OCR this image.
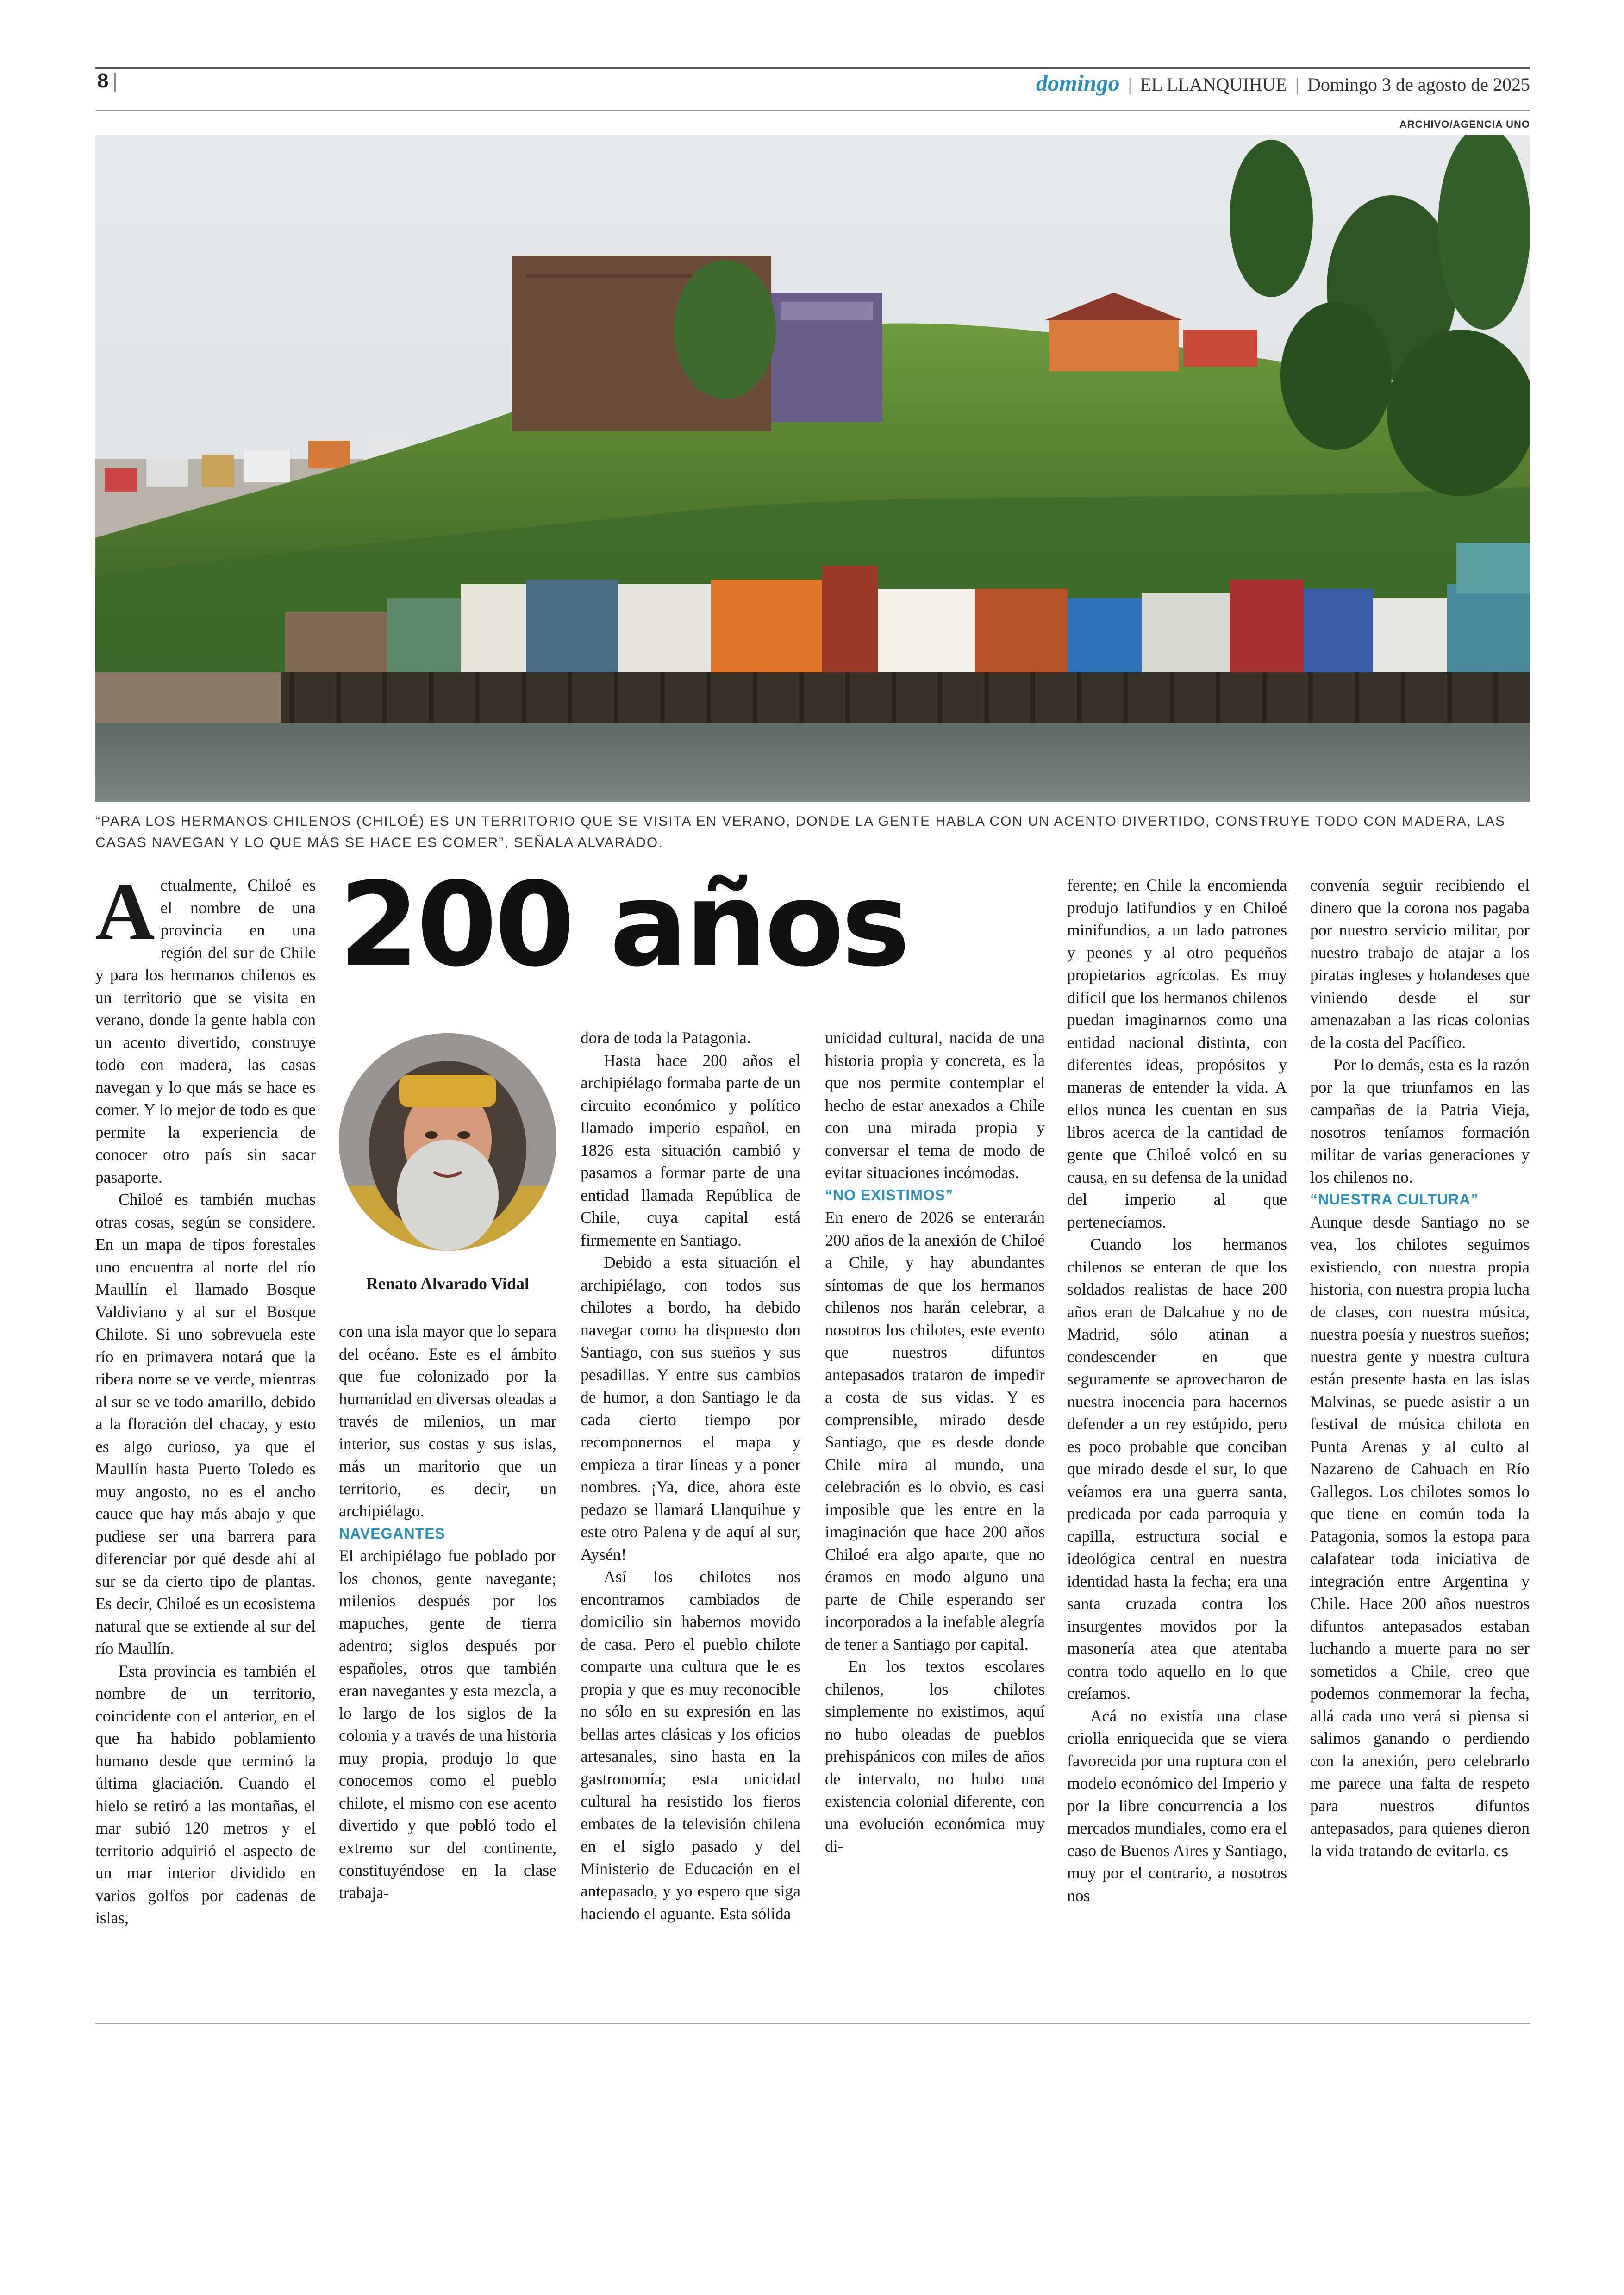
8 |	domingo | EL LLANQUIHUE | Domingo 3 de agosto de 2025
ARCHIVO/AGENCIA UNO
“PARA LOS HERMANOS CHILENOS (CHILOÉ) ES UN TERRITORIO QUE SE VISITA EN VERANO, DONDE LA GENTE HABLA CON UN ACENTO DIVERTIDO, CONSTRUYE TODO CON MADERA, LAS CASAS NAVEGAN Y LO QUE MÁS SE HACE ES COMER”, SEÑALA ALVARADO.
200 años
Renato Alvarado Vidal

Actualmente, Chiloé es el nombre de una provincia en una región del sur de Chile y para los hermanos chilenos es un territorio que se visita en verano, donde la gente habla con un acento divertido, construye todo con madera, las casas navegan y lo que más se hace es comer. Y lo mejor de todo es que permite la experiencia de conocer otro país sin sacar pasaporte.

Chiloé es también muchas otras cosas, según se considere. En un mapa de tipos forestales uno encuentra al norte del río Maullín el llamado Bosque Valdiviano y al sur el Bosque Chilote. Si uno sobrevuela este río en primavera notará que la ribera norte se ve verde, mientras al sur se ve todo amarillo, debido a la floración del chacay, y esto es algo curioso, ya que el Maullín hasta Puerto Toledo es muy angosto, no es el ancho cauce que hay más abajo y que pudiese ser una barrera para diferenciar por qué desde ahí al sur se da cierto tipo de plantas. Es decir, Chiloé es un ecosistema natural que se extiende al sur del río Maullín.

Esta provincia es también el nombre de un territorio, coincidente con el anterior, en el que ha habido poblamiento humano desde que terminó la última glaciación. Cuando el hielo se retiró a las montañas, el mar subió 120 metros y el territorio adquirió el aspecto de un mar interior dividido en varios golfos por cadenas de islas,

con una isla mayor que lo separa del océano. Este es el ámbito que fue colonizado por la humanidad en diversas oleadas a través de milenios, un mar interior, sus costas y sus islas, más un maritorio que un territorio, es decir, un archipiélago.

NAVEGANTES

El archipiélago fue poblado por los chonos, gente navegante; milenios después por los mapuches, gente de tierra adentro; siglos después por españoles, otros que también eran navegantes y esta mezcla, a lo largo de los siglos de la colonia y a través de una historia muy propia, produjo lo que conocemos como el pueblo chilote, el mismo con ese acento divertido y que pobló todo el extremo sur del continente, constituyéndose en la clase trabaja-

dora de toda la Patagonia.

Hasta hace 200 años el archipiélago formaba parte de un circuito económico y político llamado imperio español, en 1826 esta situación cambió y pasamos a formar parte de una entidad llamada República de Chile, cuya capital está firmemente en Santiago.

Debido a esta situación el archipiélago, con todos sus chilotes a bordo, ha debido navegar como ha dispuesto don Santiago, con sus sueños y sus pesadillas. Y entre sus cambios de humor, a don Santiago le da cada cierto tiempo por recomponernos el mapa y empieza a tirar líneas y a poner nombres. ¡Ya, dice, ahora este pedazo se llamará Llanquihue y este otro Palena y de aquí al sur, Aysén!

Así los chilotes nos encontramos cambiados de domicilio sin habernos movido de casa. Pero el pueblo chilote comparte una cultura que le es propia y que es muy reconocible no sólo en su expresión en las bellas artes clásicas y los oficios artesanales, sino hasta en la gastronomía; esta unicidad cultural ha resistido los fieros embates de la televisión chilena en el siglo pasado y del Ministerio de Educación en el antepasado, y yo espero que siga haciendo el aguante. Esta sólida

unicidad cultural, nacida de una historia propia y concreta, es la que nos permite contemplar el hecho de estar anexados a Chile con una mirada propia y conversar el tema de modo de evitar situaciones incómodas.

“NO EXISTIMOS”

En enero de 2026 se enterarán 200 años de la anexión de Chiloé a Chile, y hay abundantes síntomas de que los hermanos chilenos nos harán celebrar, a nosotros los chilotes, este evento que nuestros difuntos antepasados trataron de impedir a costa de sus vidas. Y es comprensible, mirado desde Santiago, que es desde donde Chile mira al mundo, una celebración es lo obvio, es casi imposible que les entre en la imaginación que hace 200 años Chiloé era algo aparte, que no éramos en modo alguno una parte de Chile esperando ser incorporados a la inefable alegría de tener a Santiago por capital.

En los textos escolares chilenos, los chilotes simplemente no existimos, aquí no hubo oleadas de pueblos prehispánicos con miles de años de intervalo, no hubo una existencia colonial diferente, con una evolución económica muy di-

ferente; en Chile la encomienda produjo latifundios y en Chiloé minifundios, a un lado patrones y peones y al otro pequeños propietarios agrícolas. Es muy difícil que los hermanos chilenos puedan imaginarnos como una entidad nacional distinta, con diferentes ideas, propósitos y maneras de entender la vida. A ellos nunca les cuentan en sus libros acerca de la cantidad de gente que Chiloé volcó en su causa, en su defensa de la unidad del imperio al que pertenecíamos.

Cuando los hermanos chilenos se enteran de que los soldados realistas de hace 200 años eran de Dalcahue y no de Madrid, sólo atinan a condescender en que seguramente se aprovecharon de nuestra inocencia para hacernos defender a un rey estúpido, pero es poco probable que conciban que mirado desde el sur, lo que veíamos era una guerra santa, predicada por cada parroquia y capilla, estructura social e ideológica central en nuestra identidad hasta la fecha; era una santa cruzada contra los insurgentes movidos por la masonería atea que atentaba contra todo aquello en lo que creíamos.

Acá no existía una clase criolla enriquecida que se viera favorecida por una ruptura con el modelo económico del Imperio y por la libre concurrencia a los mercados mundiales, como era el caso de Buenos Aires y Santiago, muy por el contrario, a nosotros nos

convenía seguir recibiendo el dinero que la corona nos pagaba por nuestro servicio militar, por nuestro trabajo de atajar a los piratas ingleses y holandeses que viniendo desde el sur amenazaban a las ricas colonias de la costa del Pacífico.

Por lo demás, esta es la razón por la que triunfamos en las campañas de la Patria Vieja, nosotros teníamos formación militar de varias generaciones y los chilenos no.

“NUESTRA CULTURA”

Aunque desde Santiago no se vea, los chilotes seguimos existiendo, con nuestra propia historia, con nuestra propia lucha de clases, con nuestra música, nuestra poesía y nuestros sueños; nuestra gente y nuestra cultura están presente hasta en las islas Malvinas, se puede asistir a un festival de música chilota en Punta Arenas y al culto al Nazareno de Cahuach en Río Gallegos. Los chilotes somos lo que tiene en común toda la Patagonia, somos la estopa para calafatear toda iniciativa de integración entre Argentina y Chile. Hace 200 años nuestros difuntos antepasados estaban luchando a muerte para no ser sometidos a Chile, creo que podemos conmemorar la fecha, allá cada uno verá si piensa si salimos ganando o perdiendo con la anexión, pero celebrarlo me parece una falta de respeto para nuestros difuntos antepasados, para quienes dieron la vida tratando de evitarla. cs
